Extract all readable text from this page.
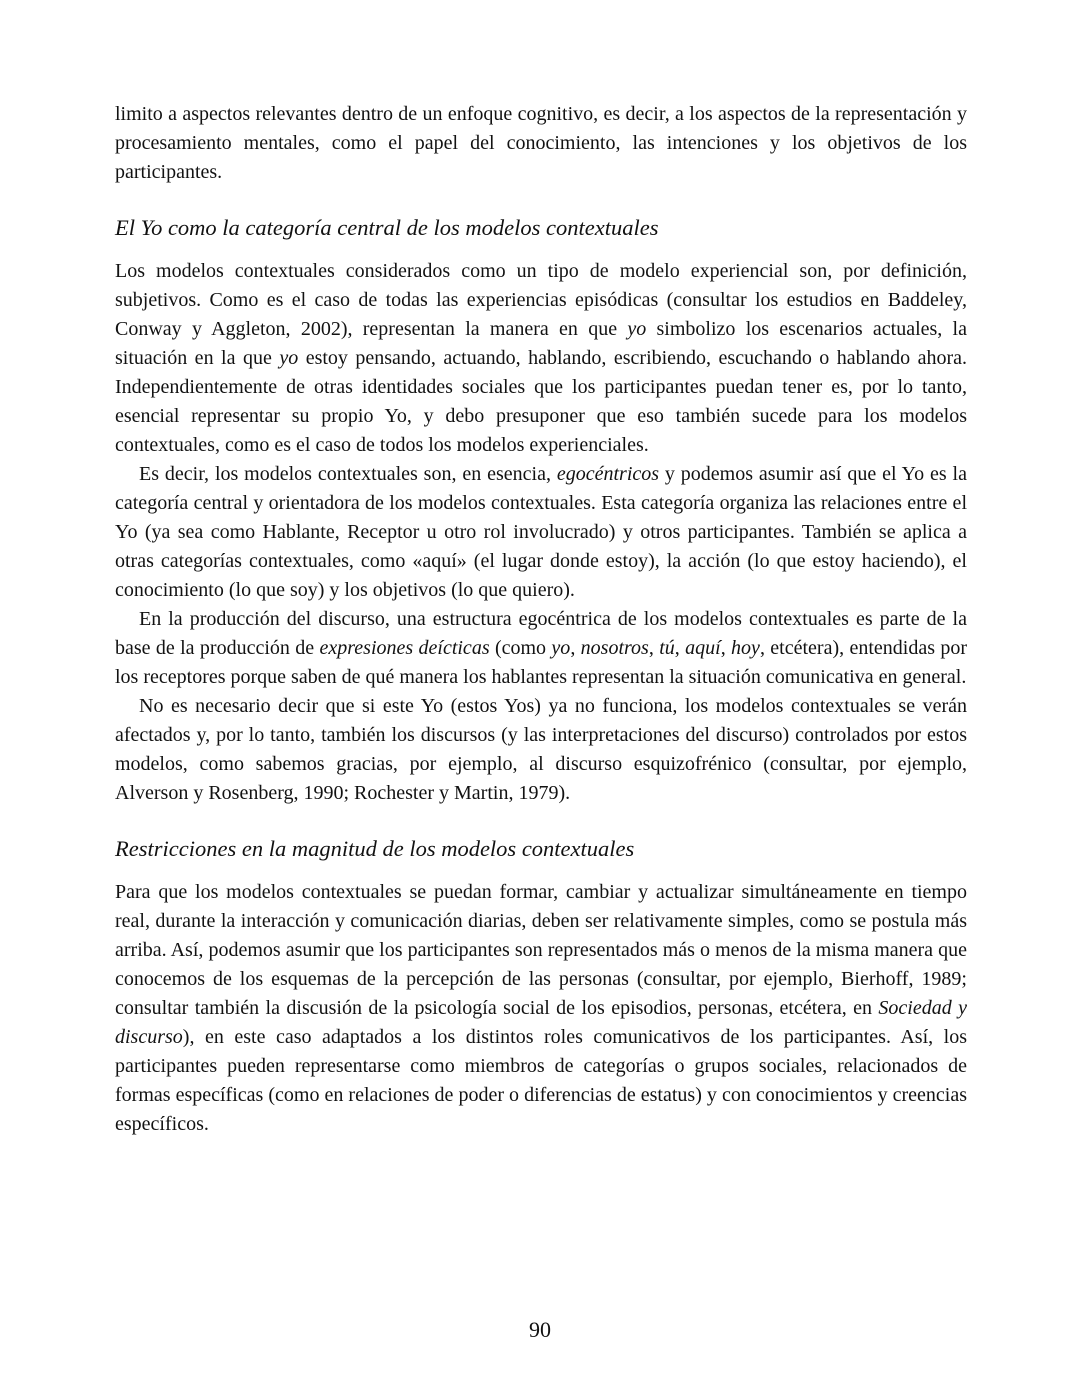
limito a aspectos relevantes dentro de un enfoque cognitivo, es decir, a los aspectos de la representación y procesamiento mentales, como el papel del conocimiento, las intenciones y los objetivos de los participantes.

El Yo como la categoría central de los modelos contextuales

Los modelos contextuales considerados como un tipo de modelo experiencial son, por definición, subjetivos. Como es el caso de todas las experiencias episódicas (consultar los estudios en Baddeley, Conway y Aggleton, 2002), representan la manera en que yo simbolizo los escenarios actuales, la situación en la que yo estoy pensando, actuando, hablando, escribiendo, escuchando o hablando ahora. Independientemente de otras identidades sociales que los participantes puedan tener es, por lo tanto, esencial representar su propio Yo, y debo presuponer que eso también sucede para los modelos contextuales, como es el caso de todos los modelos experienciales.

Es decir, los modelos contextuales son, en esencia, egocéntricos y podemos asumir así que el Yo es la categoría central y orientadora de los modelos contextuales. Esta categoría organiza las relaciones entre el Yo (ya sea como Hablante, Receptor u otro rol involucrado) y otros participantes. También se aplica a otras categorías contextuales, como «aquí» (el lugar donde estoy), la acción (lo que estoy haciendo), el conocimiento (lo que soy) y los objetivos (lo que quiero).

En la producción del discurso, una estructura egocéntrica de los modelos contextuales es parte de la base de la producción de expresiones deícticas (como yo, nosotros, tú, aquí, hoy, etcétera), entendidas por los receptores porque saben de qué manera los hablantes representan la situación comunicativa en general.

No es necesario decir que si este Yo (estos Yos) ya no funciona, los modelos contextuales se verán afectados y, por lo tanto, también los discursos (y las interpretaciones del discurso) controlados por estos modelos, como sabemos gracias, por ejemplo, al discurso esquizofrénico (consultar, por ejemplo, Alverson y Rosenberg, 1990; Rochester y Martin, 1979).

Restricciones en la magnitud de los modelos contextuales

Para que los modelos contextuales se puedan formar, cambiar y actualizar simultáneamente en tiempo real, durante la interacción y comunicación diarias, deben ser relativamente simples, como se postula más arriba. Así, podemos asumir que los participantes son representados más o menos de la misma manera que conocemos de los esquemas de la percepción de las personas (consultar, por ejemplo, Bierhoff, 1989; consultar también la discusión de la psicología social de los episodios, personas, etcétera, en Sociedad y discurso), en este caso adaptados a los distintos roles comunicativos de los participantes. Así, los participantes pueden representarse como miembros de categorías o grupos sociales, relacionados de formas específicas (como en relaciones de poder o diferencias de estatus) y con conocimientos y creencias específicos.

90
